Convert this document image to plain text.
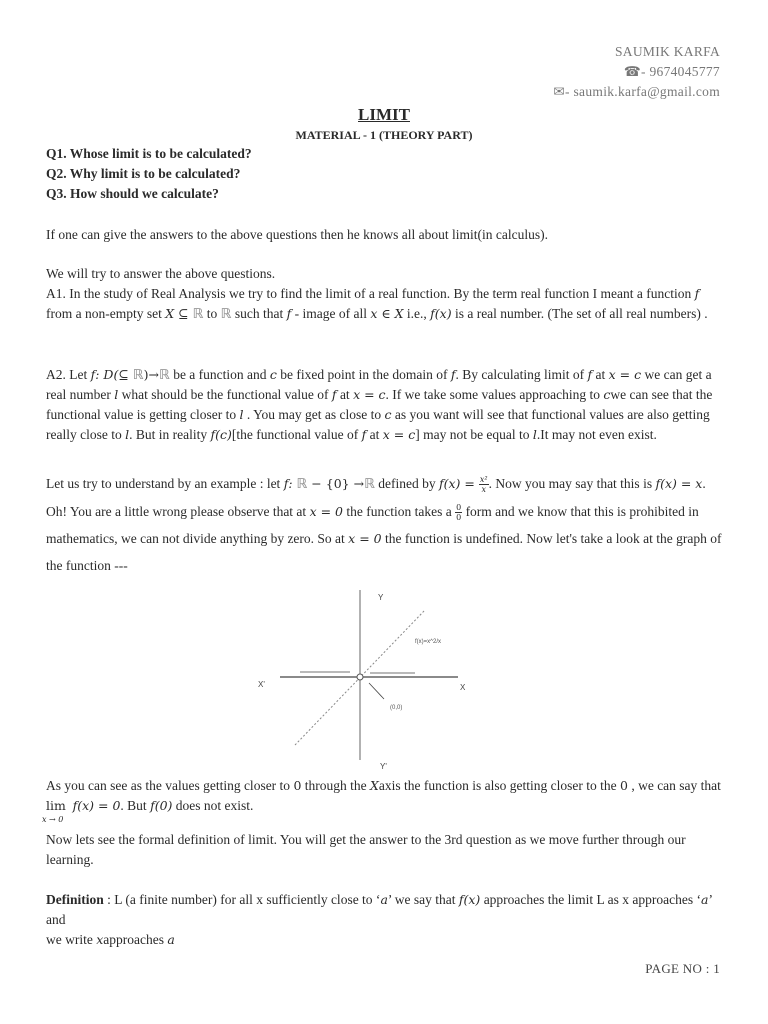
SAUMIK KARFA
☎- 9674045777
✉- saumik.karfa@gmail.com
LIMIT
MATERIAL - 1 (THEORY PART)
Q1. Whose limit is to be calculated?
Q2. Why limit is to be calculated?
Q3. How should we calculate?
If one can give the answers to the above questions then he knows all about limit(in calculus).
We will try to answer the above questions.
A1. In the study of Real Analysis we try to find the limit of a real function. By the term real function I meant a function 𝑓 from a non-empty set 𝑋 ⊆ ℝ to ℝ such that 𝑓 - image of all 𝑥 ∈ 𝑋 i.e., 𝑓(𝑥) is a real number. (The set of all real numbers) .
A2. Let 𝑓: 𝐷(⊆ ℝ)→ℝ be a function and 𝑐 be fixed point in the domain of 𝑓. By calculating limit of 𝑓 at 𝑥 = 𝑐 we can get a real number 𝑙 what should be the functional value of 𝑓 at 𝑥 = 𝑐. If we take some values approaching to 𝑐we can see that the functional value is getting closer to 𝑙 . You may get as close to 𝑐 as you want will see that functional values are also getting really close to 𝑙. But in reality 𝑓(𝑐)[the functional value of 𝑓 at 𝑥 = 𝑐] may not be equal to 𝑙.It may not even exist.
Let us try to understand by an example : let 𝑓: ℝ − {0} →ℝ defined by 𝑓(𝑥) = $\frac{\text{𝑥²}}{\text{𝑥}}$ . Now you may say that this is 𝑓(𝑥) = 𝑥. Oh! You are a little wrong please observe that at 𝑥 = 0 the function takes a $\frac{0}{0}$ form and we know that this is prohibited in mathematics, we can not divide anything by zero. So at 𝑥 = 0 the function is undefined. Now let's take a look at the graph of the function ---
Y
Y'
X
X'
f(x)=x^2/x
(0,0)
As you can see as the values getting closer to 0 through the 𝑋axis the function is also getting closer to the 0 , we can say that lim
𝑥 → 0
𝑓(𝑥) = 0. But 𝑓(0) does not exist.
Now lets see the formal definition of limit. You will get the answer to the 3rd question as we move further through our learning.
Definition : L (a finite number) for all x sufficiently close to ‘𝑎’ we say that 𝑓(𝑥) approaches the limit L as x approaches ‘𝑎’ and
we write 𝑥approaches 𝑎
PAGE NO : 1
